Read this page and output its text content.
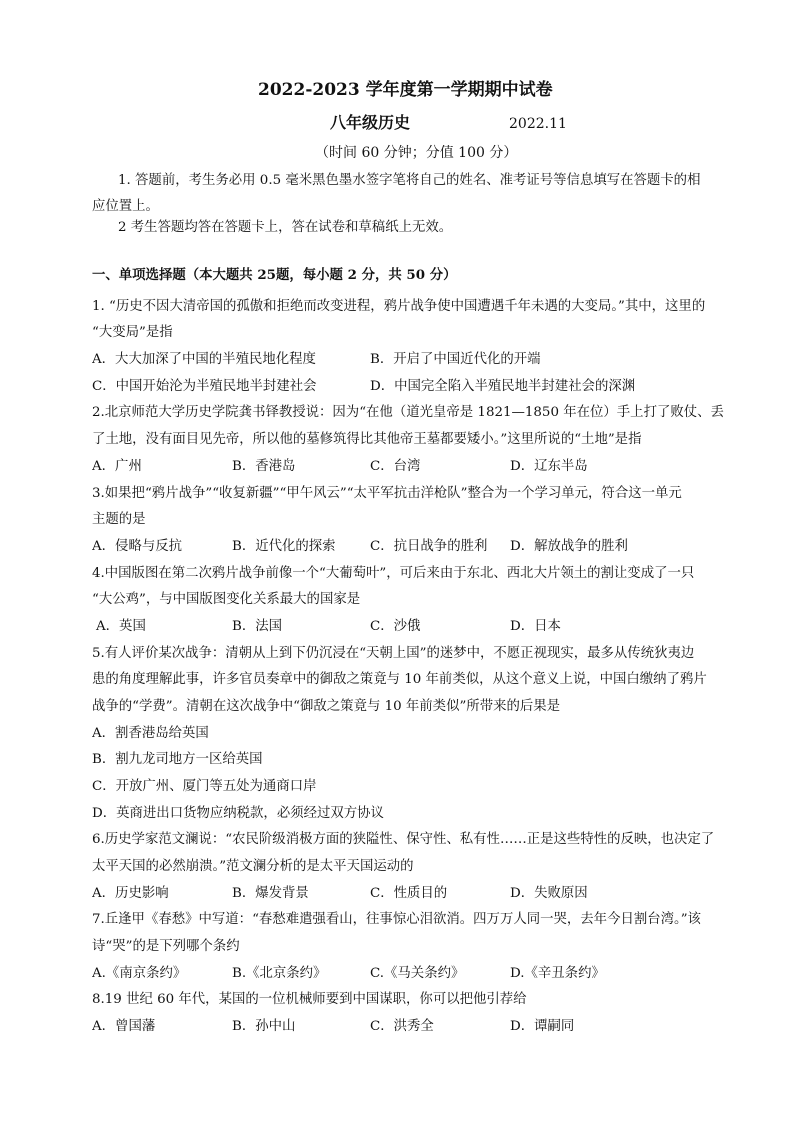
2022-2023 学年度第一学期期中试卷
八年级历史	2022.11
（时间 60 分钟；分值 100 分）
1. 答题前，考生务必用 0.5 毫米黑色墨水签字笔将自己的姓名、准考证号等信息填写在答题卡的相
应位置上。
2 考生答题均答在答题卡上，答在试卷和草稿纸上无效。
一、单项选择题（本大题共 25题，每小题 2 分，共 50 分）
1. “历史不因大清帝国的孤傲和拒绝而改变进程，鸦片战争使中国遭遇千年未遇的大变局。”其中，这里的
“大变局”是指
A．大大加深了中国的半殖民地化程度	B．开启了中国近代化的开端
C．中国开始沦为半殖民地半封建社会	D．中国完全陷入半殖民地半封建社会的深渊
2.北京师范大学历史学院龚书铎教授说：因为“在他（道光皇帝是 1821—1850 年在位）手上打了败仗、丢
了土地，没有面目见先帝，所以他的墓修筑得比其他帝王墓都要矮小。”这里所说的“土地”是指
A．广州	B．香港岛	C．台湾	D．辽东半岛
3.如果把“鸦片战争”“收复新疆”“甲午风云”“太平军抗击洋枪队”整合为一个学习单元，符合这一单元
主题的是
A．侵略与反抗	B．近代化的探索	C．抗日战争的胜利 D．解放战争的胜利
4.中国版图在第二次鸦片战争前像一个“大葡萄叶”，可后来由于东北、西北大片领土的割让变成了一只
“大公鸡”，与中国版图变化关系最大的国家是
A．英国	B．法国	C．沙俄	D．日本
5.有人评价某次战争：清朝从上到下仍沉浸在“天朝上国”的迷梦中，不愿正视现实，最多从传统狄夷边
患的角度理解此事，许多官员奏章中的御敌之策竟与 10 年前类似，从这个意义上说，中国白缴纳了鸦片
战争的“学费”。清朝在这次战争中“御敌之策竟与 10 年前类似”所带来的后果是
A．割香港岛给英国
B．割九龙司地方一区给英国
C．开放广州、厦门等五处为通商口岸
D．英商进出口货物应纳税款，必须经过双方协议
6.历史学家范文澜说：“农民阶级消极方面的狭隘性、保守性、私有性……正是这些特性的反映，也决定了
太平天国的必然崩溃。”范文澜分析的是太平天国运动的
A．历史影响	B．爆发背景	C．性质目的	D．失败原因
7.丘逢甲《春愁》中写道：“春愁难遣强看山，往事惊心泪欲消。四万万人同一哭，去年今日割台湾。”该
诗“哭”的是下列哪个条约
A.《南京条约》	B.《北京条约》	C.《马关条约》	D.《辛丑条约》
8.19 世纪 60 年代，某国的一位机械师要到中国谋职，你可以把他引荐给
A．曾国藩	B．孙中山	C．洪秀全	D．谭嗣同
